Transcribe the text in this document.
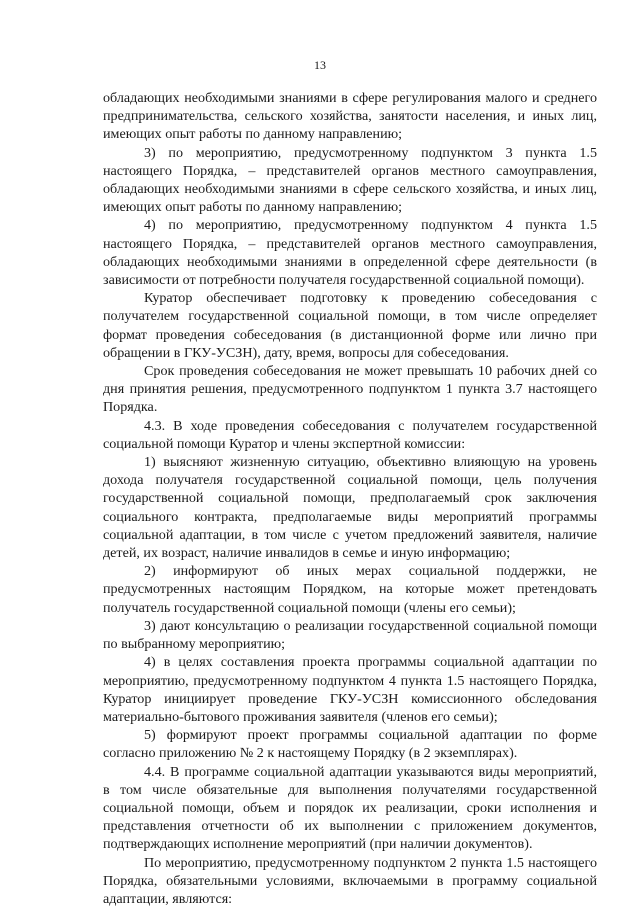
13

обладающих необходимыми знаниями в сфере регулирования малого и среднего предпринимательства, сельского хозяйства, занятости населения, и иных лиц, имеющих опыт работы по данному направлению;

3) по мероприятию, предусмотренному подпунктом 3 пункта 1.5 настоящего Порядка, – представителей органов местного самоуправления, обладающих необходимыми знаниями в сфере сельского хозяйства, и иных лиц, имеющих опыт работы по данному направлению;

4) по мероприятию, предусмотренному подпунктом 4 пункта 1.5 настоящего Порядка, – представителей органов местного самоуправления, обладающих необходимыми знаниями в определенной сфере деятельности (в зависимости от потребности получателя государственной социальной помощи).

Куратор обеспечивает подготовку к проведению собеседования с получателем государственной социальной помощи, в том числе определяет формат проведения собеседования (в дистанционной форме или лично при обращении в ГКУ-УСЗН), дату, время, вопросы для собеседования.

Срок проведения собеседования не может превышать 10 рабочих дней со дня принятия решения, предусмотренного подпунктом 1 пункта 3.7 настоящего Порядка.

4.3. В ходе проведения собеседования с получателем государственной социальной помощи Куратор и члены экспертной комиссии:

1) выясняют жизненную ситуацию, объективно влияющую на уровень дохода получателя государственной социальной помощи, цель получения государственной социальной помощи, предполагаемый срок заключения социального контракта, предполагаемые виды мероприятий программы социальной адаптации, в том числе с учетом предложений заявителя, наличие детей, их возраст, наличие инвалидов в семье и иную информацию;

2) информируют об иных мерах социальной поддержки, не предусмотренных настоящим Порядком, на которые может претендовать получатель государственной социальной помощи (члены его семьи);

3) дают консультацию о реализации государственной социальной помощи по выбранному мероприятию;

4) в целях составления проекта программы социальной адаптации по мероприятию, предусмотренному подпунктом 4 пункта 1.5 настоящего Порядка, Куратор инициирует проведение ГКУ-УСЗН комиссионного обследования материально-бытового проживания заявителя (членов его семьи);

5) формируют проект программы социальной адаптации по форме согласно приложению № 2 к настоящему Порядку (в 2 экземплярах).

4.4. В программе социальной адаптации указываются виды мероприятий, в том числе обязательные для выполнения получателями государственной социальной помощи, объем и порядок их реализации, сроки исполнения и представления отчетности об их выполнении с приложением документов, подтверждающих исполнение мероприятий (при наличии документов).

По мероприятию, предусмотренному подпунктом 2 пункта 1.5 настоящего Порядка, обязательными условиями, включаемыми в программу социальной адаптации, являются:
